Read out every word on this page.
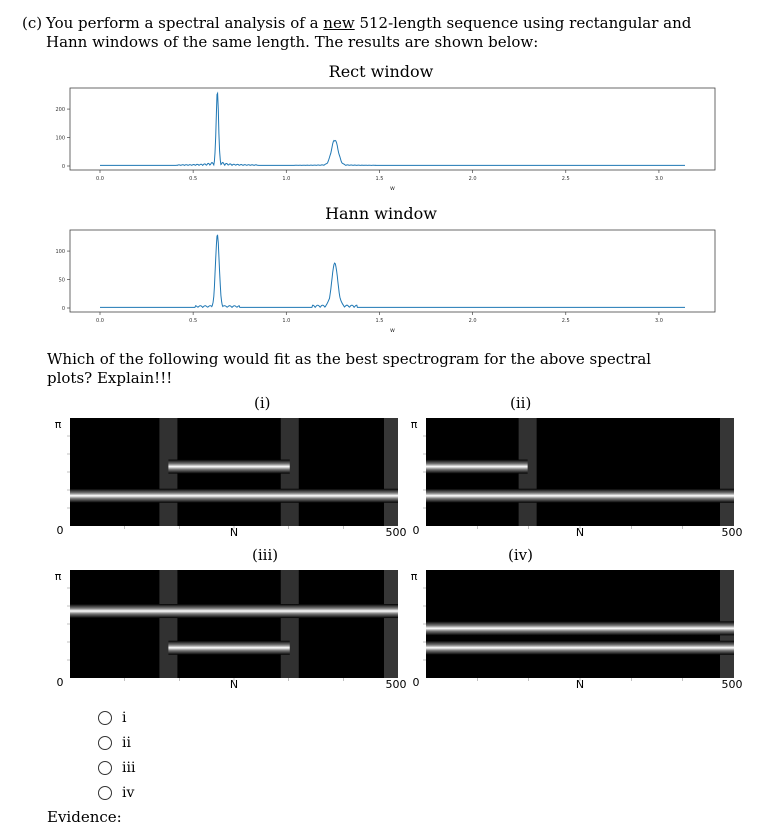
(c) You perform a spectral analysis of a new 512-length sequence using rectangular and
Hann windows of the same length. The results are shown below:
Rect window
0
100
200
0.0	0.5	1.0	1.5	2.0	2.5	3.0
w
Hann window
0
50
100
0.0	0.5	1.0	1.5	2.0	2.5	3.0
w
Which of the following would fit as the best spectrogram for the above spectral
plots? Explain!!!
(i)	(ii)
(iii)	(iv)
π
0	N	500
π
0	N	500
π
0	N	500
π
0	N	500
i
ii
iii
iv
Evidence:
